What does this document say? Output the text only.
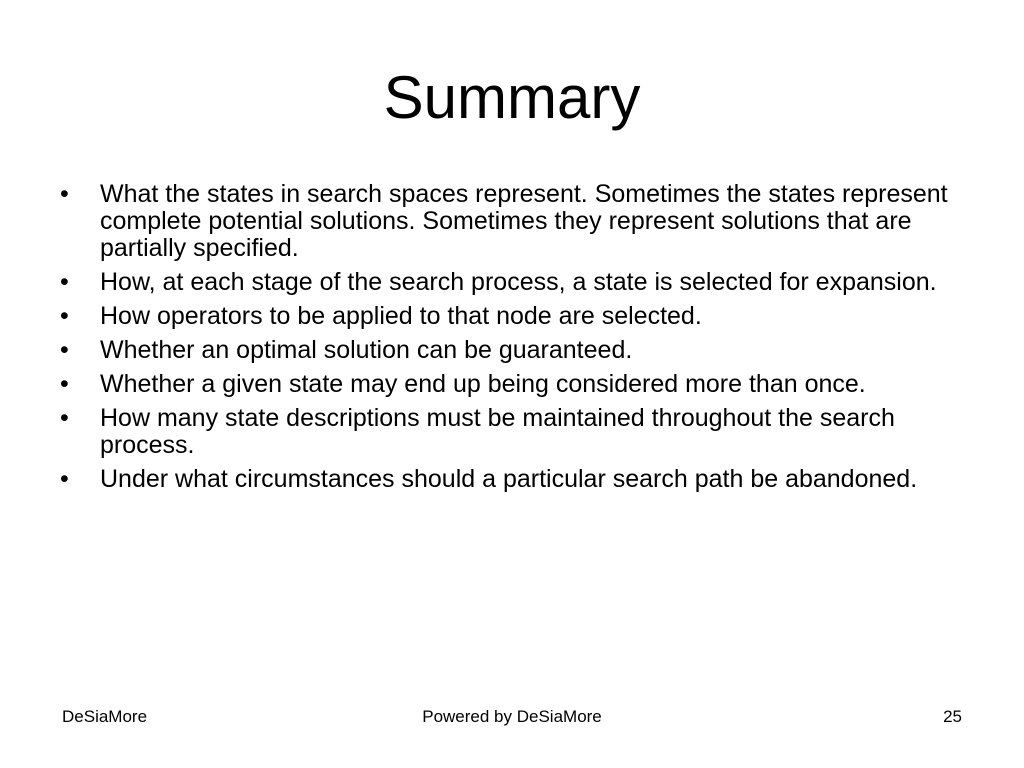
Summary
•	What the states in search spaces represent. Sometimes the states represent complete potential solutions. Sometimes they represent solutions that are partially specified.
•	How, at each stage of the search process, a state is selected for expansion.
•	How operators to be applied to that node are selected.
•	Whether an optimal solution can be guaranteed.
•	Whether a given state may end up being considered more than once.
•	How many state descriptions must be maintained throughout the search process.
•	Under what circumstances should a particular search path be abandoned.
DeSiaMore	Powered by DeSiaMore	25
